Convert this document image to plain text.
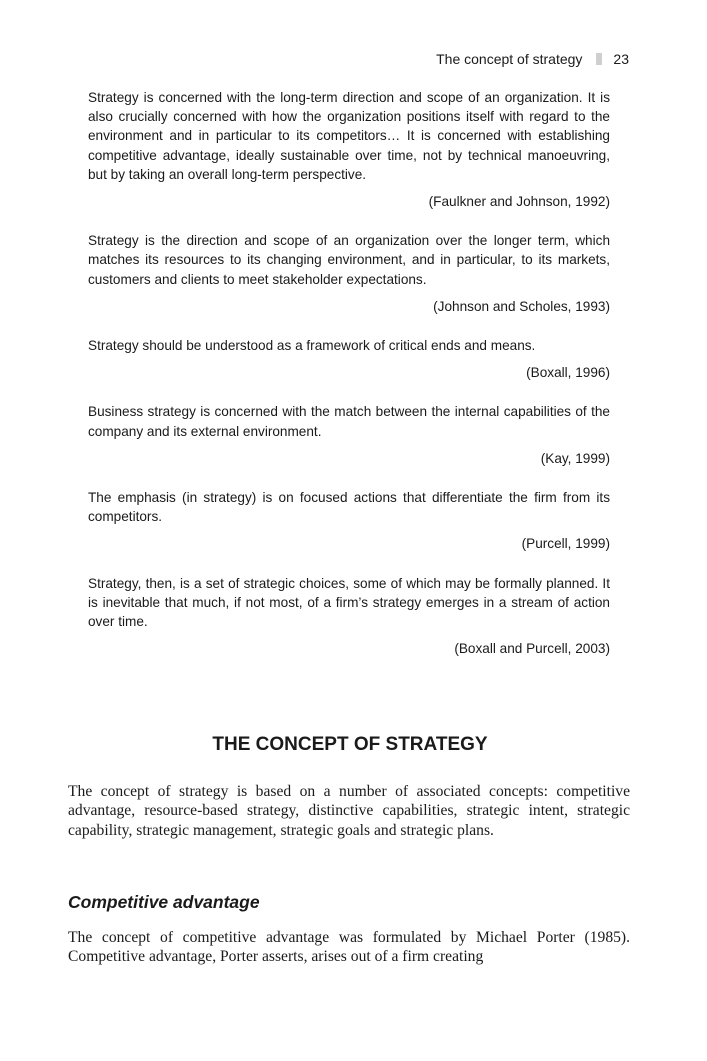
The concept of strategy 23

Strategy is concerned with the long-term direction and scope of an organization. It is also crucially concerned with how the organization positions itself with regard to the environment and in particular to its competitors… It is concerned with establishing competitive advantage, ideally sustainable over time, not by technical manoeuvring, but by taking an overall long-term perspective.

(Faulkner and Johnson, 1992)

Strategy is the direction and scope of an organization over the longer term, which matches its resources to its changing environment, and in particular, to its markets, customers and clients to meet stakeholder expectations.

(Johnson and Scholes, 1993)

Strategy should be understood as a framework of critical ends and means.

(Boxall, 1996)

Business strategy is concerned with the match between the internal capabilities of the company and its external environment.

(Kay, 1999)

The emphasis (in strategy) is on focused actions that differentiate the firm from its competitors.

(Purcell, 1999)

Strategy, then, is a set of strategic choices, some of which may be formally planned. It is inevitable that much, if not most, of a firm’s strategy emerges in a stream of action over time.

(Boxall and Purcell, 2003)

THE CONCEPT OF STRATEGY

The concept of strategy is based on a number of associated concepts: competitive advantage, resource-based strategy, distinctive capabilities, strategic intent, strategic capability, strategic management, strategic goals and strategic plans.

Competitive advantage

The concept of competitive advantage was formulated by Michael Porter (1985). Competitive advantage, Porter asserts, arises out of a firm creating
